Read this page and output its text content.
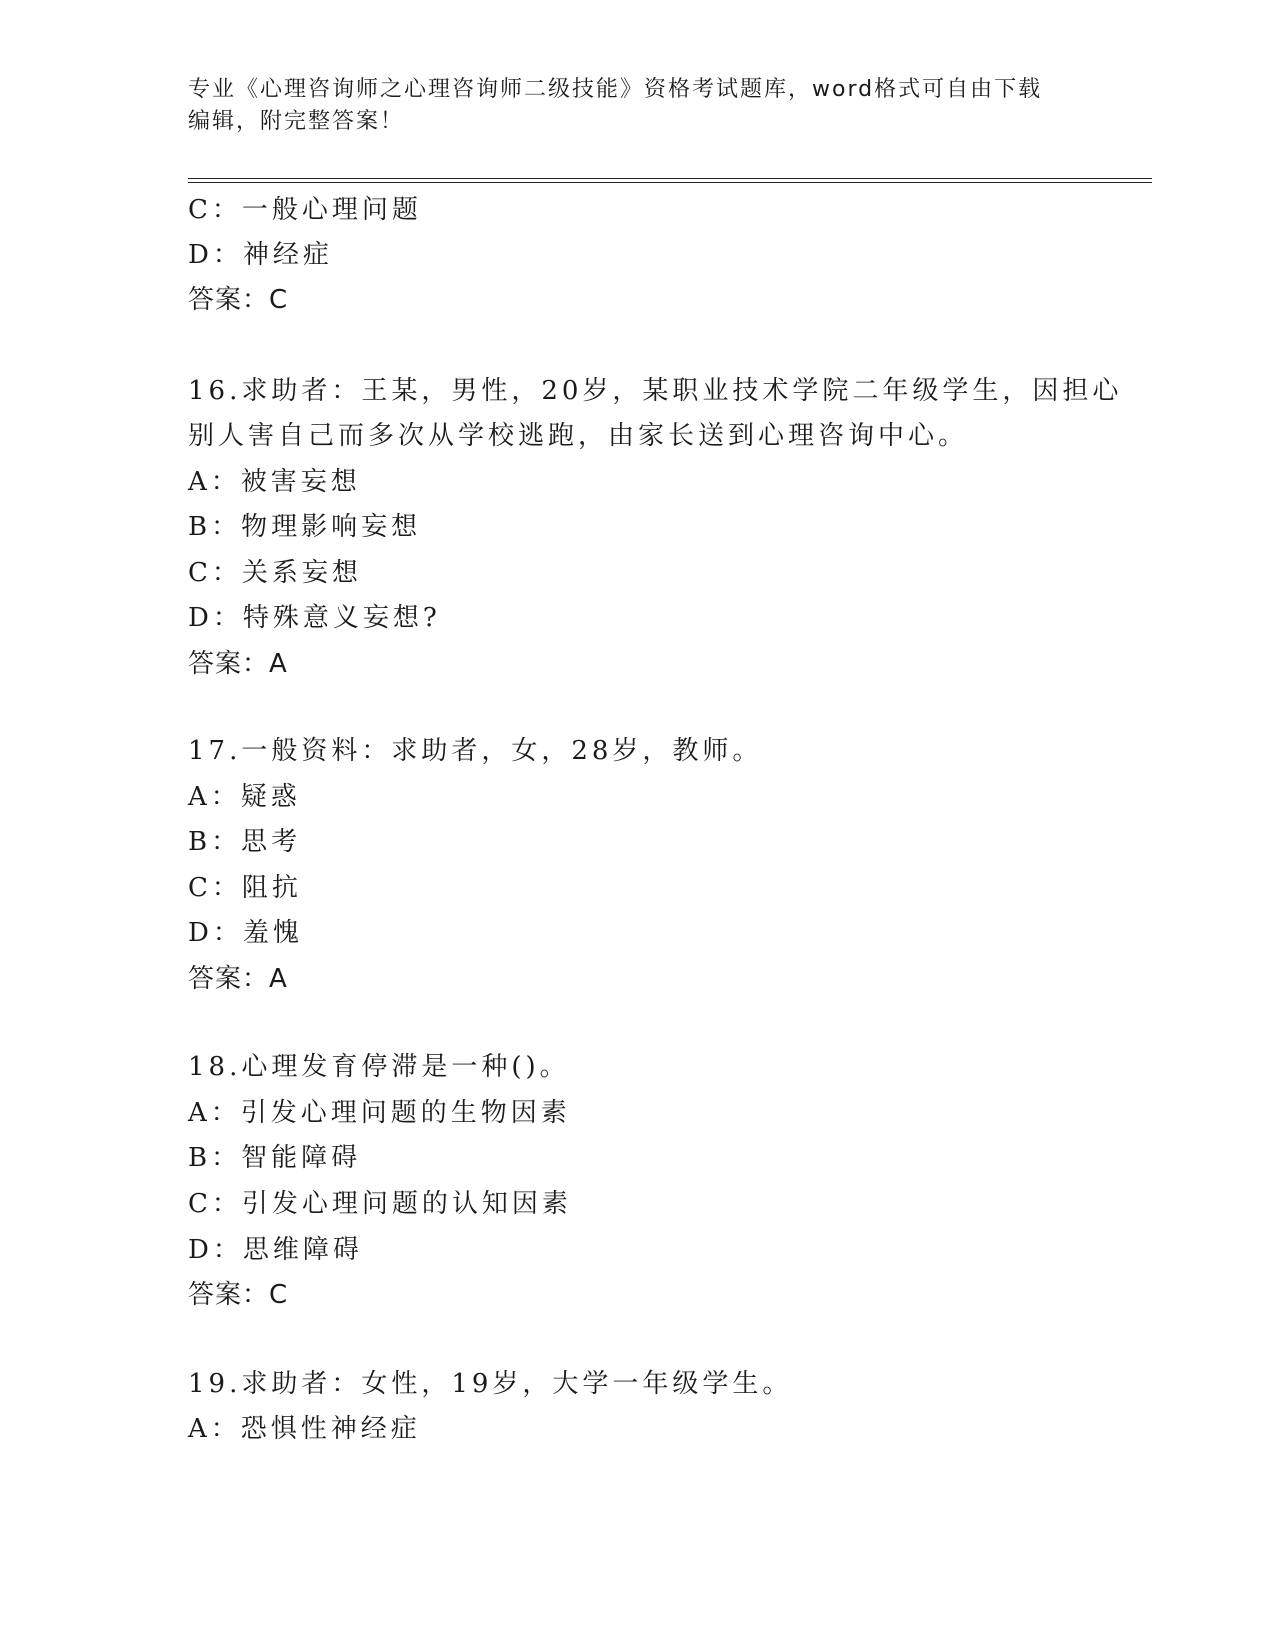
专业《心理咨询师之心理咨询师二级技能》资格考试题库，word格式可自由下载
编辑，附完整答案！
C：一般心理问题
D：神经症
答案：C
16.求助者：王某，男性，20岁，某职业技术学院二年级学生，因担心
别人害自己而多次从学校逃跑，由家长送到心理咨询中心。
A：被害妄想
B：物理影响妄想
C：关系妄想
D：特殊意义妄想?
答案：A
17.一般资料：求助者，女，28岁，教师。
A：疑惑
B：思考
C：阻抗
D：羞愧
答案：A
18.心理发育停滞是一种()。
A：引发心理问题的生物因素
B：智能障碍
C：引发心理问题的认知因素
D：思维障碍
答案：C
19.求助者：女性，19岁，大学一年级学生。
A：恐惧性神经症
